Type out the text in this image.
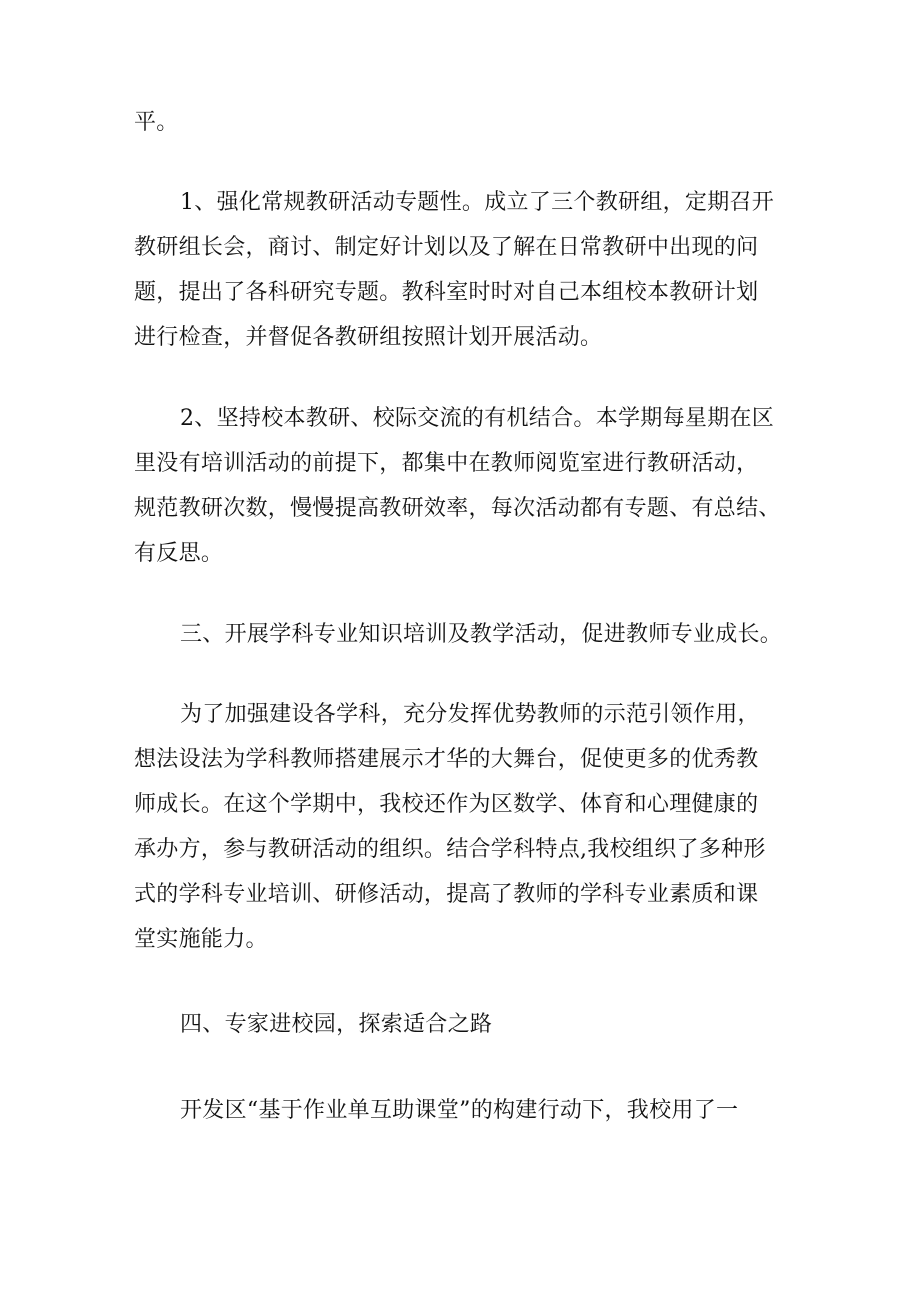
平。
1、强化常规教研活动专题性。成立了三个教研组，定期召开
教研组长会，商讨、制定好计划以及了解在日常教研中出现的问
题，提出了各科研究专题。教科室时时对自己本组校本教研计划
进行检查，并督促各教研组按照计划开展活动。
2、坚持校本教研、校际交流的有机结合。本学期每星期在区
里没有培训活动的前提下，都集中在教师阅览室进行教研活动，
规范教研次数，慢慢提高教研效率，每次活动都有专题、有总结、
有反思。
三、开展学科专业知识培训及教学活动，促进教师专业成长。
为了加强建设各学科，充分发挥优势教师的示范引领作用，
想法设法为学科教师搭建展示才华的大舞台，促使更多的优秀教
师成长。在这个学期中，我校还作为区数学、体育和心理健康的
承办方，参与教研活动的组织。结合学科特点,我校组织了多种形
式的学科专业培训、研修活动，提高了教师的学科专业素质和课
堂实施能力。
四、专家进校园，探索适合之路
开发区“基于作业单互助课堂”的构建行动下，我校用了一
